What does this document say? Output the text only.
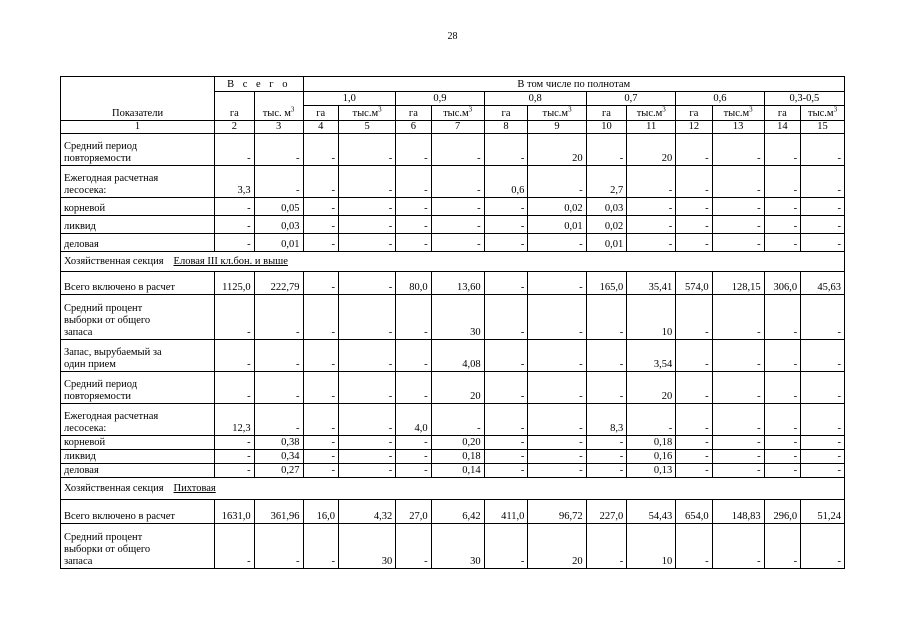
28
Показатели	В с е г о		В том числе по полнотам											
	га	тыс. $м^3$	1,0		0,9		0,8		0,7		0,6		0,3-0,5	
			га	$тыс.м^3$	га	$тыс.м^3$	га	$тыс.м^3$	га	$тыс.м^3$	га	$тыс.м^3$	га	$тыс.м^3$
1	2	3	4	5	6	7	8	9	10	11	12	13	14	15

Средний период
повторяемости	-	-	-	-	-	-	-	20	-	20	-	-	-	-

Ежегодная расчетная
лесосека:	3,3	-	-	-	-	-	0,6	-	2,7	-	-	-	-	-

корневой	-	0,05	-	-	-	-	-	0,02	0,03	-	-	-	-	-

ликвид	-	0,03	-	-	-	-	-	0,01	0,02	-	-	-	-	-

деловая	-	0,01	-	-	-	-	-	-	0,01	-	-	-	-	-
Хозяйственная секция Еловая III кл.бон. и выше														

Всего включено в расчет	1125,0	222,79	-	-	80,0	13,60	-	-	165,0	35,41	574,0	128,15	306,0	45,63

Средний процент
выборки от общего
запаса	-	-	-	-	-	30	-	-	-	10	-	-	-	-

Запас, вырубаемый за
один прием	-	-	-	-	-	4,08	-	-	-	3,54	-	-	-	-

Средний период
повторяемости	-	-	-	-	-	20	-	-	-	20	-	-	-	-

Ежегодная расчетная
лесосека:	12,3	-	-	-	4,0	-	-	-	8,3	-	-	-	-	-

корневой	-	0,38	-	-	-	0,20	-	-	-	0,18	-	-	-	-

ликвид	-	0,34	-	-	-	0,18	-	-	-	0,16	-	-	-	-

деловая	-	0,27	-	-	-	0,14	-	-	-	0,13	-	-	-	-
Хозяйственная секция Пихтовая														

Всего включено в расчет	1631,0	361,96	16,0	4,32	27,0	6,42	411,0	96,72	227,0	54,43	654,0	148,83	296,0	51,24

Средний процент
выборки от общего
запаса	-	-	-	30	-	30	-	20	-	10	-	-	-	-
